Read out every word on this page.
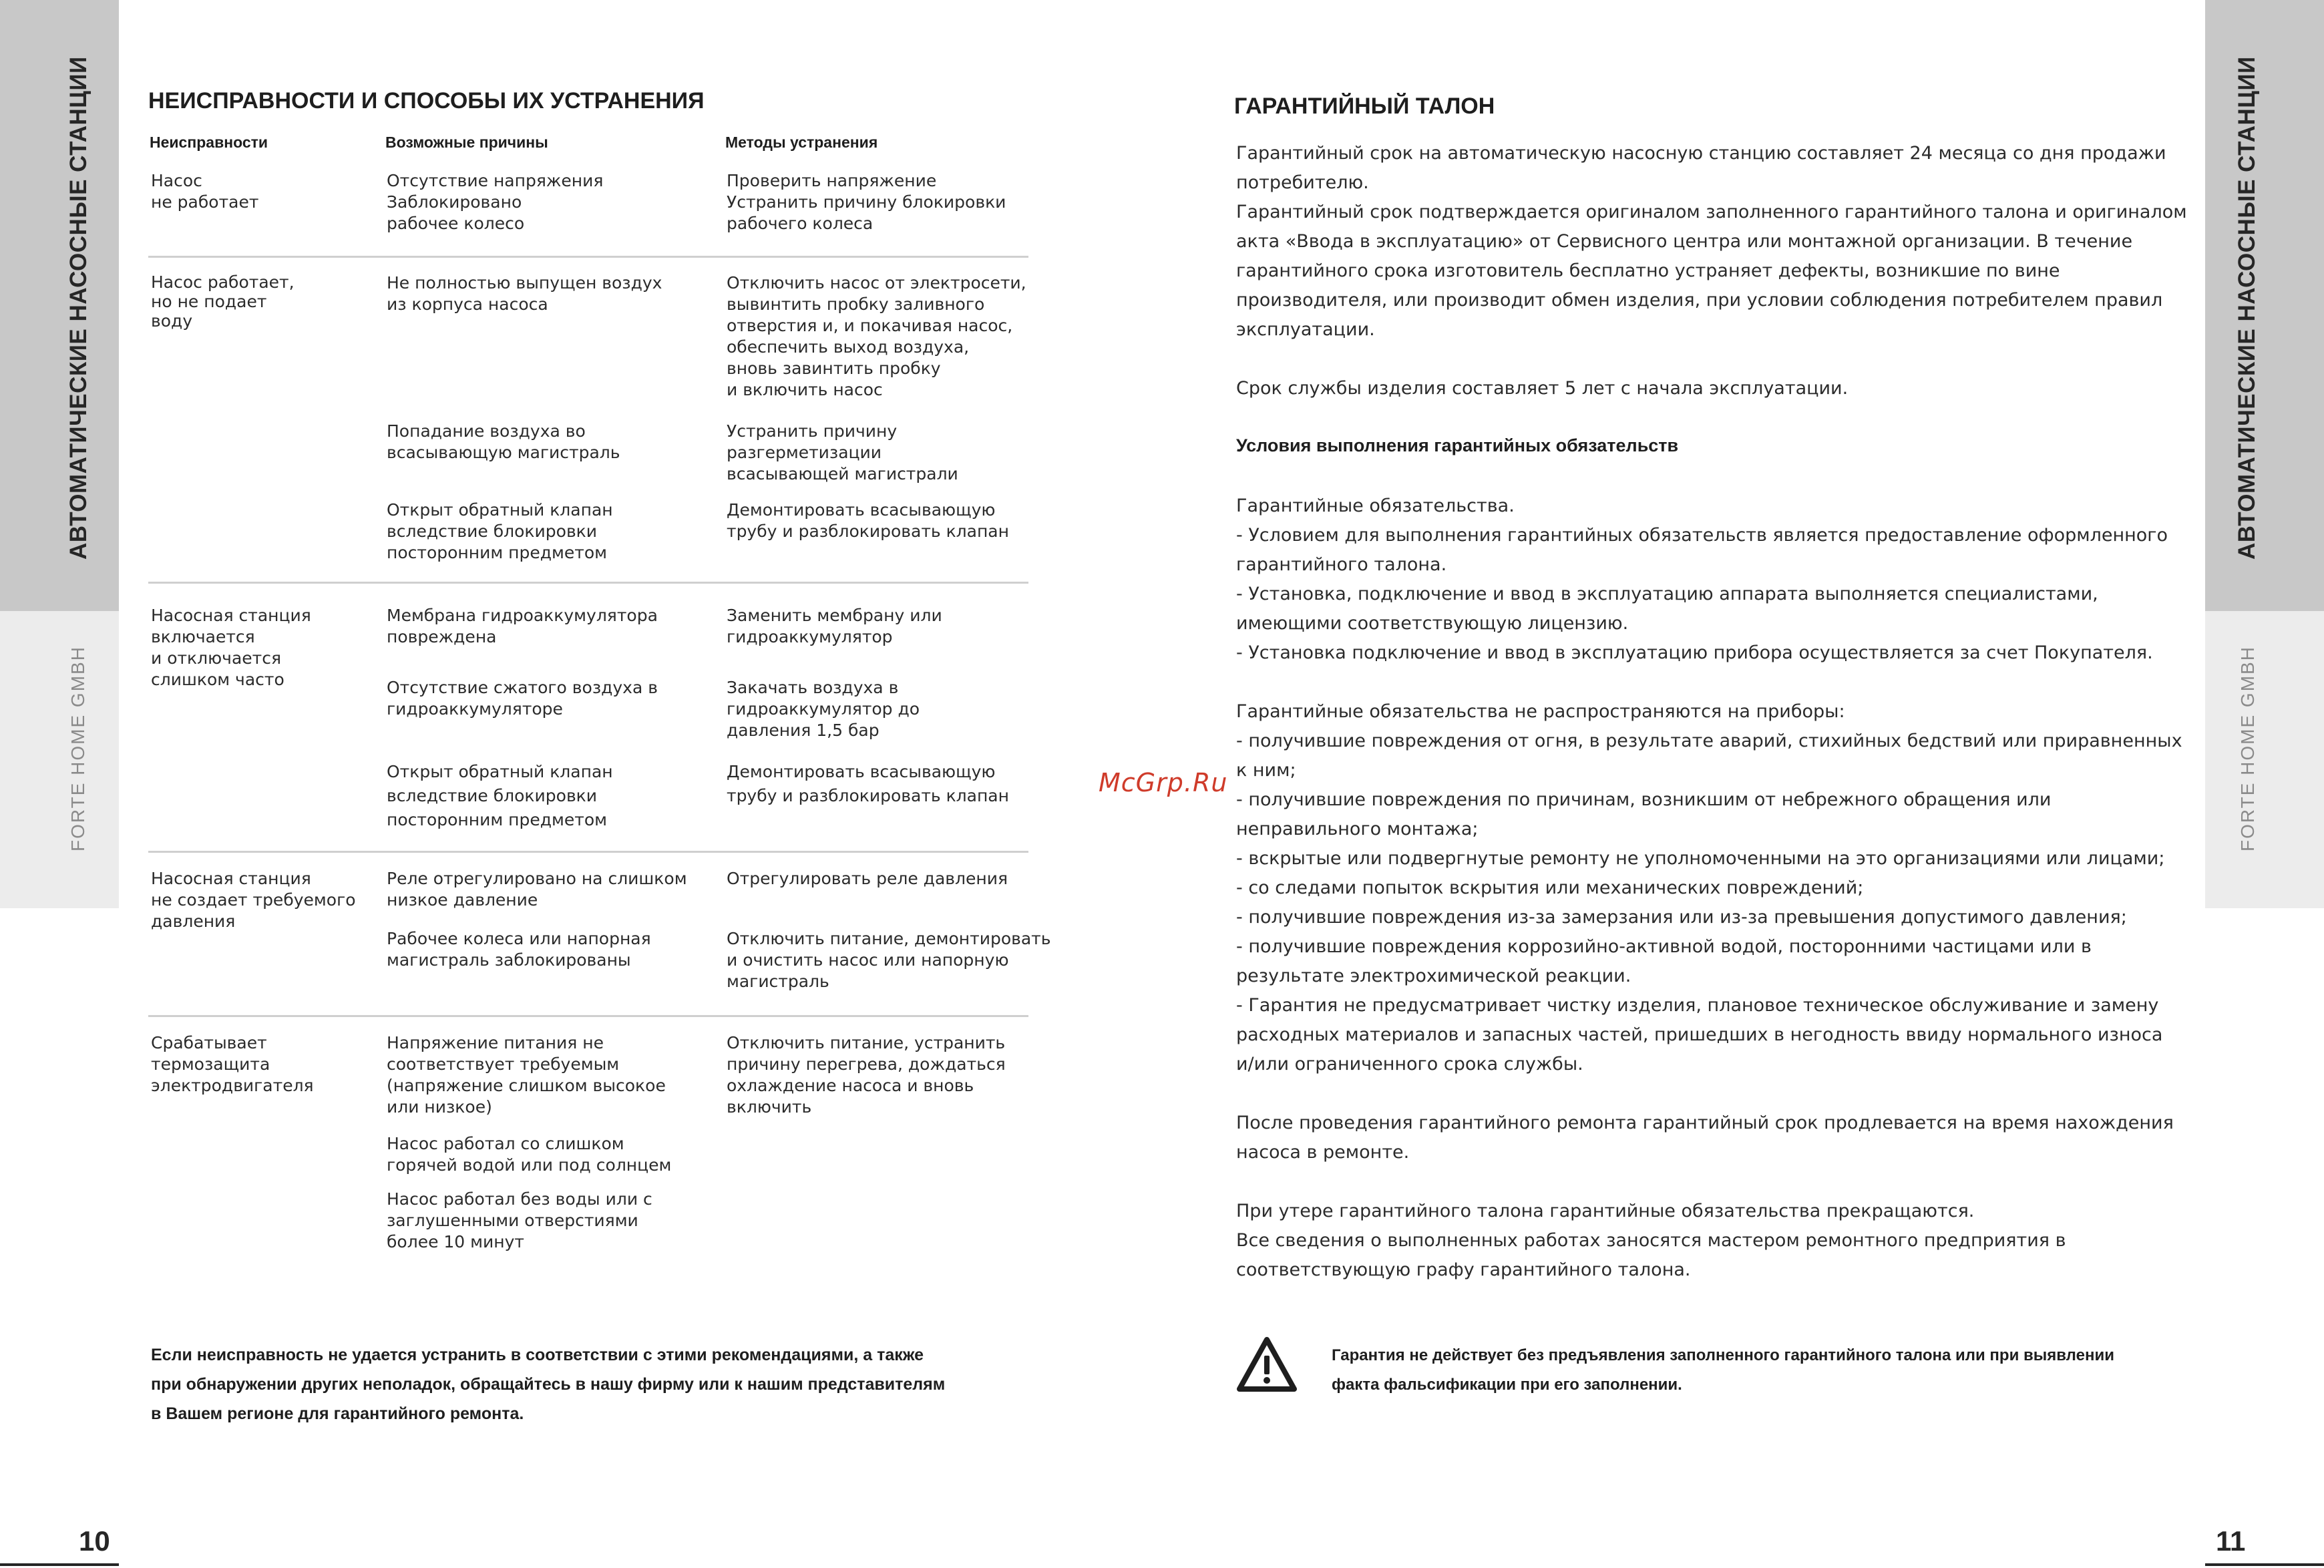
АВТОМАТИЧЕСКИЕ НАСОСНЫЕ СТАНЦИИ
FORTE HOME GMBH
АВТОМАТИЧЕСКИЕ НАСОСНЫЕ СТАНЦИИ
FORTE HOME GMBH
НЕИСПРАВНОСТИ И СПОСОБЫ ИХ УСТРАНЕНИЯ
Неисправности	Возможные причины	Методы устранения
Насос
не работает
Отсутствие напряжения
Заблокировано
рабочее колесо
Проверить напряжение
Устранить причину блокировки
рабочего колеса
Насос работает,
но не подает
воду
Не полностью выпущен воздух
из корпуса насоса
Отключить насос от электросети,
вывинтить пробку заливного
отверстия и, и покачивая насос,
обеспечить выход воздуха,
вновь завинтить пробку
и включить насос
Попадание воздуха во
всасывающую магистраль
Устранить причину
разгерметизации
всасывающей магистрали
Открыт обратный клапан
вследствие блокировки
посторонним предметом
Демонтировать всасывающую
трубу и разблокировать клапан
Насосная станция
включается
и отключается
слишком часто
Мембрана гидроаккумулятора
повреждена
Заменить мембрану или
гидроаккумулятор
Отсутствие сжатого воздуха в
гидроаккумуляторе
Закачать воздуха в
гидроаккумулятор до
давления 1,5 бар
Открыт обратный клапан
вследствие блокировки
посторонним предметом
Демонтировать всасывающую
трубу и разблокировать клапан
Насосная станция
не создает требуемого
давления
Реле отрегулировано на слишком
низкое давление
Отрегулировать реле давления
Рабочее колеса или напорная
магистраль заблокированы
Отключить питание, демонтировать
и очистить насос или напорную
магистраль
Срабатывает
термозащита
электродвигателя
Напряжение питания не
соответствует требуемым
(напряжение слишком высокое
или низкое)
Отключить питание, устранить
причину перегрева, дождаться
охлаждение насоса и вновь
включить
Насос работал со слишком
горячей водой или под солнцем
Насос работал без воды или с
заглушенными отверстиями
более 10 минут
Если неисправность не удается устранить в соответствии с этими рекомендациями, а также
при обнаружении других неполадок, обращайтесь в нашу фирму или к нашим представителям
в Вашем регионе для гарантийного ремонта.
10
McGrp.Ru
ГАРАНТИЙНЫЙ ТАЛОН
Гарантийный срок на автоматическую насосную станцию составляет 24 месяца со дня продажи
потребителю.
Гарантийный срок подтверждается оригиналом заполненного гарантийного талона и оригиналом
акта «Ввода в эксплуатацию» от Сервисного центра или монтажной организации. В течение
гарантийного срока изготовитель бесплатно устраняет дефекты, возникшие по вине
производителя, или производит обмен изделия, при условии соблюдения потребителем правил
эксплуатации.
Срок службы изделия составляет 5 лет с начала эксплуатации.
Условия выполнения гарантийных обязательств
Гарантийные обязательства.
- Условием для выполнения гарантийных обязательств является предоставление оформленного
гарантийного талона.
- Установка, подключение и ввод в эксплуатацию аппарата выполняется специалистами,
имеющими соответствующую лицензию.
- Установка подключение и ввод в эксплуатацию прибора осуществляется за счет Покупателя.
Гарантийные обязательства не распространяются на приборы:
- получившие повреждения от огня, в результате аварий, стихийных бедствий или приравненных
к ним;
- получившие повреждения по причинам, возникшим от небрежного обращения или
неправильного монтажа;
- вскрытые или подвергнутые ремонту не уполномоченными на это организациями или лицами;
- со следами попыток вскрытия или механических повреждений;
- получившие повреждения из-за замерзания или из-за превышения допустимого давления;
- получившие повреждения коррозийно-активной водой, посторонними частицами или в
результате электрохимической реакции.
- Гарантия не предусматривает чистку изделия, плановое техническое обслуживание и замену
расходных материалов и запасных частей, пришедших в негодность ввиду нормального износа
и/или ограниченного срока службы.
После проведения гарантийного ремонта гарантийный срок продлевается на время нахождения
насоса в ремонте.
При утере гарантийного талона гарантийные обязательства прекращаются.
Все сведения о выполненных работах заносятся мастером ремонтного предприятия в
соответствующую графу гарантийного талона.
Гарантия не действует без предъявления заполненного гарантийного талона или при выявлении
факта фальсификации при его заполнении.
11
